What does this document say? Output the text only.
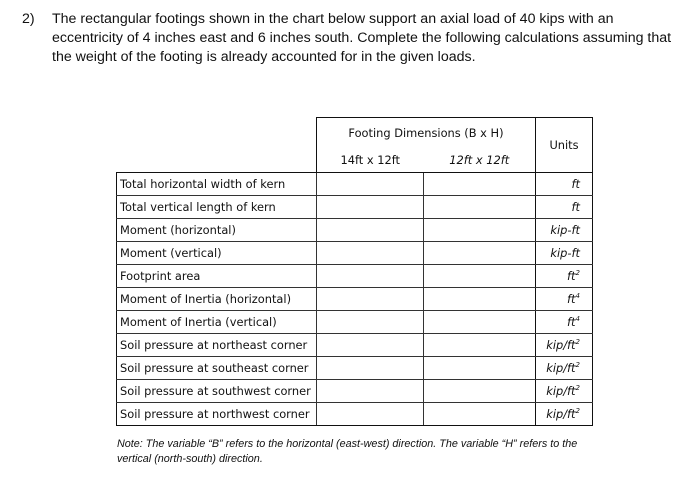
2) The rectangular footings shown in the chart below support an axial load of 40 kips with an eccentricity of 4 inches east and 6 inches south. Complete the following calculations assuming that the weight of the footing is already accounted for in the given loads.
	Footing Dimensions (B x H)		Units
	14ft x 12ft	12ft x 12ft	
Total horizontal width of kern			ft
Total vertical length of kern			ft
Moment (horizontal)			kip-ft
Moment (vertical)			kip-ft
Footprint area			$ft^2$
Moment of Inertia (horizontal)			$ft^4$
Moment of Inertia (vertical)			$ft^4$
Soil pressure at northeast corner			kip/$ft^2$
Soil pressure at southeast corner			kip/$ft^2$
Soil pressure at southwest corner			kip/$ft^2$
Soil pressure at northwest corner			kip/$ft^2$
Note: The variable “B” refers to the horizontal (east-west) direction. The variable “H” refers to the vertical (north-south) direction.
